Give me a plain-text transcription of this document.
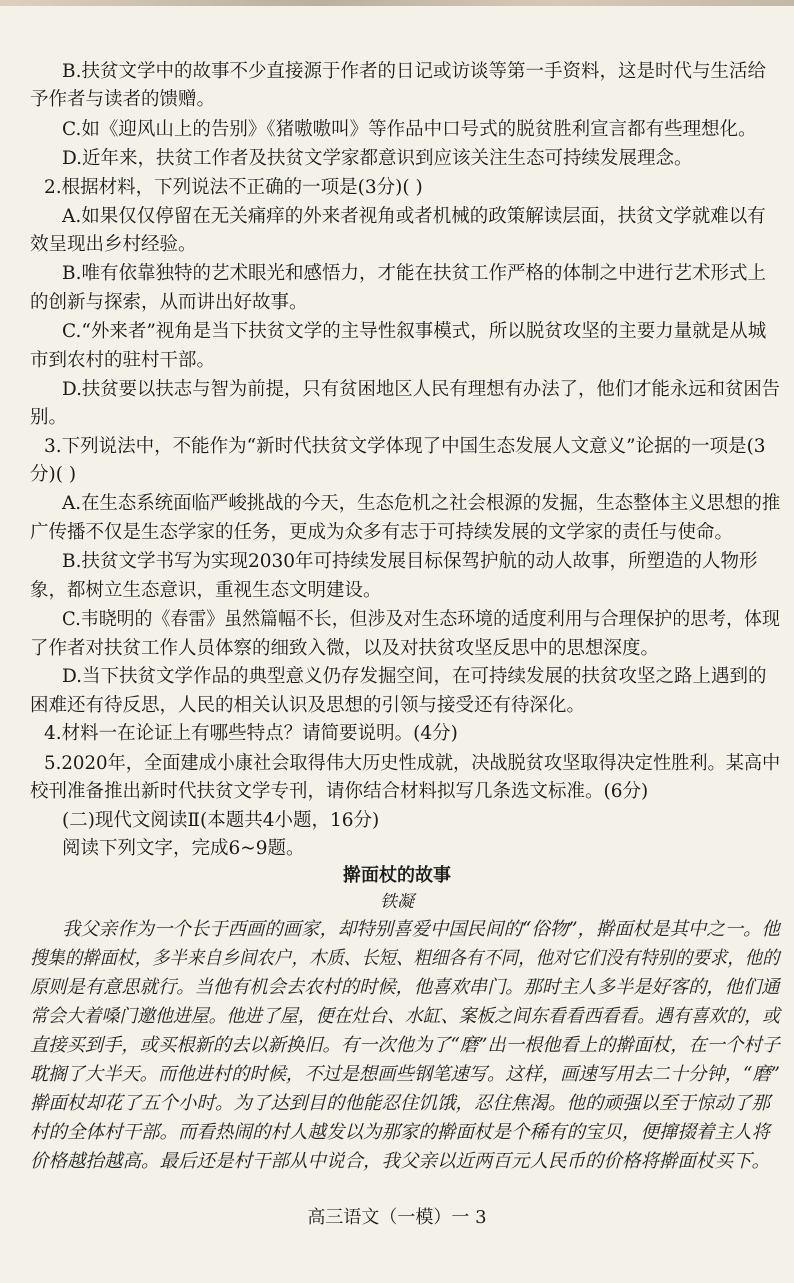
B.扶贫文学中的故事不少直接源于作者的日记或访谈等第一手资料，这是时代与生活给
予作者与读者的馈赠。
C.如《迎风山上的告别》《猪嗷嗷叫》等作品中口号式的脱贫胜利宣言都有些理想化。
D.近年来，扶贫工作者及扶贫文学家都意识到应该关注生态可持续发展理念。
2.根据材料，下列说法不正确的一项是(3分)( )
A.如果仅仅停留在无关痛痒的外来者视角或者机械的政策解读层面，扶贫文学就难以有
效呈现出乡村经验。
B.唯有依靠独特的艺术眼光和感悟力，才能在扶贫工作严格的体制之中进行艺术形式上
的创新与探索，从而讲出好故事。
C.“外来者”视角是当下扶贫文学的主导性叙事模式，所以脱贫攻坚的主要力量就是从城
市到农村的驻村干部。
D.扶贫要以扶志与智为前提，只有贫困地区人民有理想有办法了，他们才能永远和贫困告
别。
3.下列说法中，不能作为“新时代扶贫文学体现了中国生态发展人文意义”论据的一项是(3
分)( )
A.在生态系统面临严峻挑战的今天，生态危机之社会根源的发掘，生态整体主义思想的推
广传播不仅是生态学家的任务，更成为众多有志于可持续发展的文学家的责任与使命。
B.扶贫文学书写为实现2030年可持续发展目标保驾护航的动人故事，所塑造的人物形
象，都树立生态意识，重视生态文明建设。
C.韦晓明的《春雷》虽然篇幅不长，但涉及对生态环境的适度利用与合理保护的思考，体现
了作者对扶贫工作人员体察的细致入微，以及对扶贫攻坚反思中的思想深度。
D.当下扶贫文学作品的典型意义仍存发掘空间，在可持续发展的扶贫攻坚之路上遇到的
困难还有待反思，人民的相关认识及思想的引领与接受还有待深化。
4.材料一在论证上有哪些特点？请简要说明。(4分)
5.2020年，全面建成小康社会取得伟大历史性成就，决战脱贫攻坚取得决定性胜利。某高中
校刊准备推出新时代扶贫文学专刊，请你结合材料拟写几条选文标准。(6分)
(二)现代文阅读Ⅱ(本题共4小题，16分)
阅读下列文字，完成6~9题。
擀面杖的故事
铁凝
我父亲作为一个长于西画的画家，却特别喜爱中国民间的“俗物”，擀面杖是其中之一。他
搜集的擀面杖，多半来自乡间农户，木质、长短、粗细各有不同，他对它们没有特别的要求，他的
原则是有意思就行。当他有机会去农村的时候，他喜欢串门。那时主人多半是好客的，他们通
常会大着嗓门邀他进屋。他进了屋，便在灶台、水缸、案板之间东看看西看看。遇有喜欢的，或
直接买到手，或买根新的去以新换旧。有一次他为了“磨”出一根他看上的擀面杖，在一个村子
耽搁了大半天。而他进村的时候，不过是想画些钢笔速写。这样，画速写用去二十分钟，“磨”
擀面杖却花了五个小时。为了达到目的他能忍住饥饿，忍住焦渴。他的顽强以至于惊动了那
村的全体村干部。而看热闹的村人越发以为那家的擀面杖是个稀有的宝贝，便撺掇着主人将
价格越抬越高。最后还是村干部从中说合，我父亲以近两百元人民币的价格将擀面杖买下。
高三语文（一模）一 3
